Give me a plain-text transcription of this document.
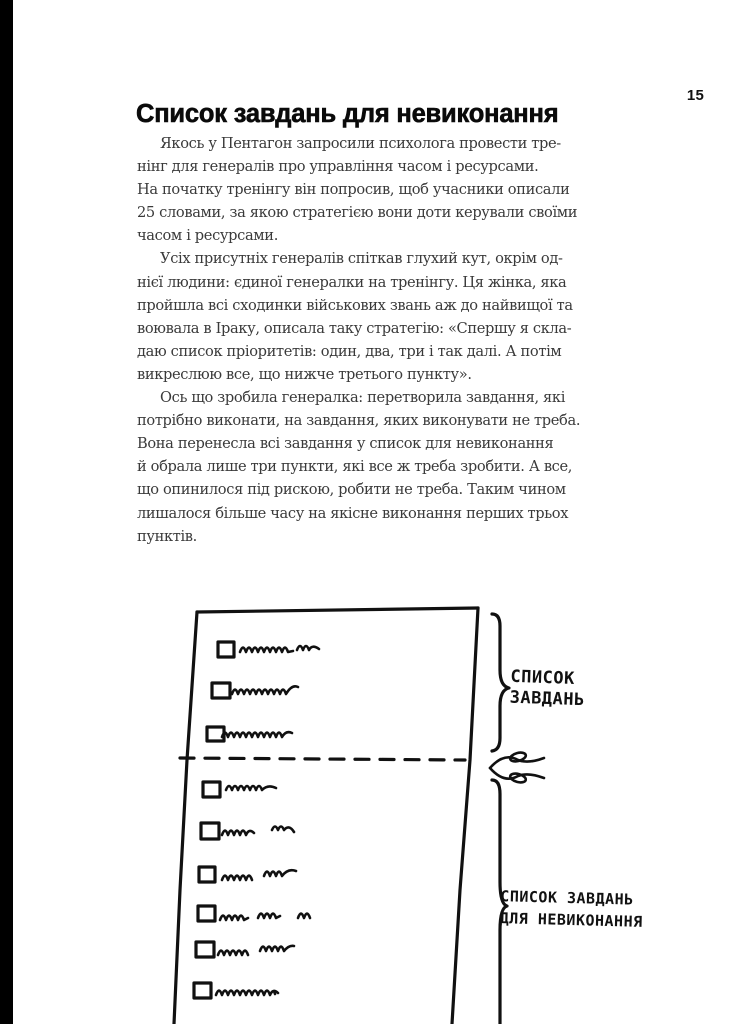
15
Список завдань для невиконання
Якось у Пентагон запросили психолога провести тре-
нінг для генералів про управління часом і ресурсами.
На початку тренінгу він попросив, щоб учасники описали
25 словами, за якою стратегією вони доти керували своїми
часом і ресурсами.
Усіх присутніх генералів спіткав глухий кут, окрім од-
нієї людини: єдиної генералки на тренінгу. Ця жінка, яка
пройшла всі сходинки військових звань аж до найвищої та
воювала в Іраку, описала таку стратегію: «Спершу я скла-
даю список пріоритетів: один, два, три і так далі. А потім
викреслюю все, що нижче третього пункту».
Ось що зробила генералка: перетворила завдання, які
потрібно виконати, на завдання, яких виконувати не треба.
Вона перенесла всі завдання у список для невиконання
й обрала лише три пункти, які все ж треба зробити. А все,
що опинилося під рискою, робити не треба. Таким чином
лишалося більше часу на якісне виконання перших трьох
пунктів.
СПИСОК
ЗАВДАНЬ
СПИСОК ЗАВДАНЬ
ДЛЯ НЕВИКОНАННЯ
